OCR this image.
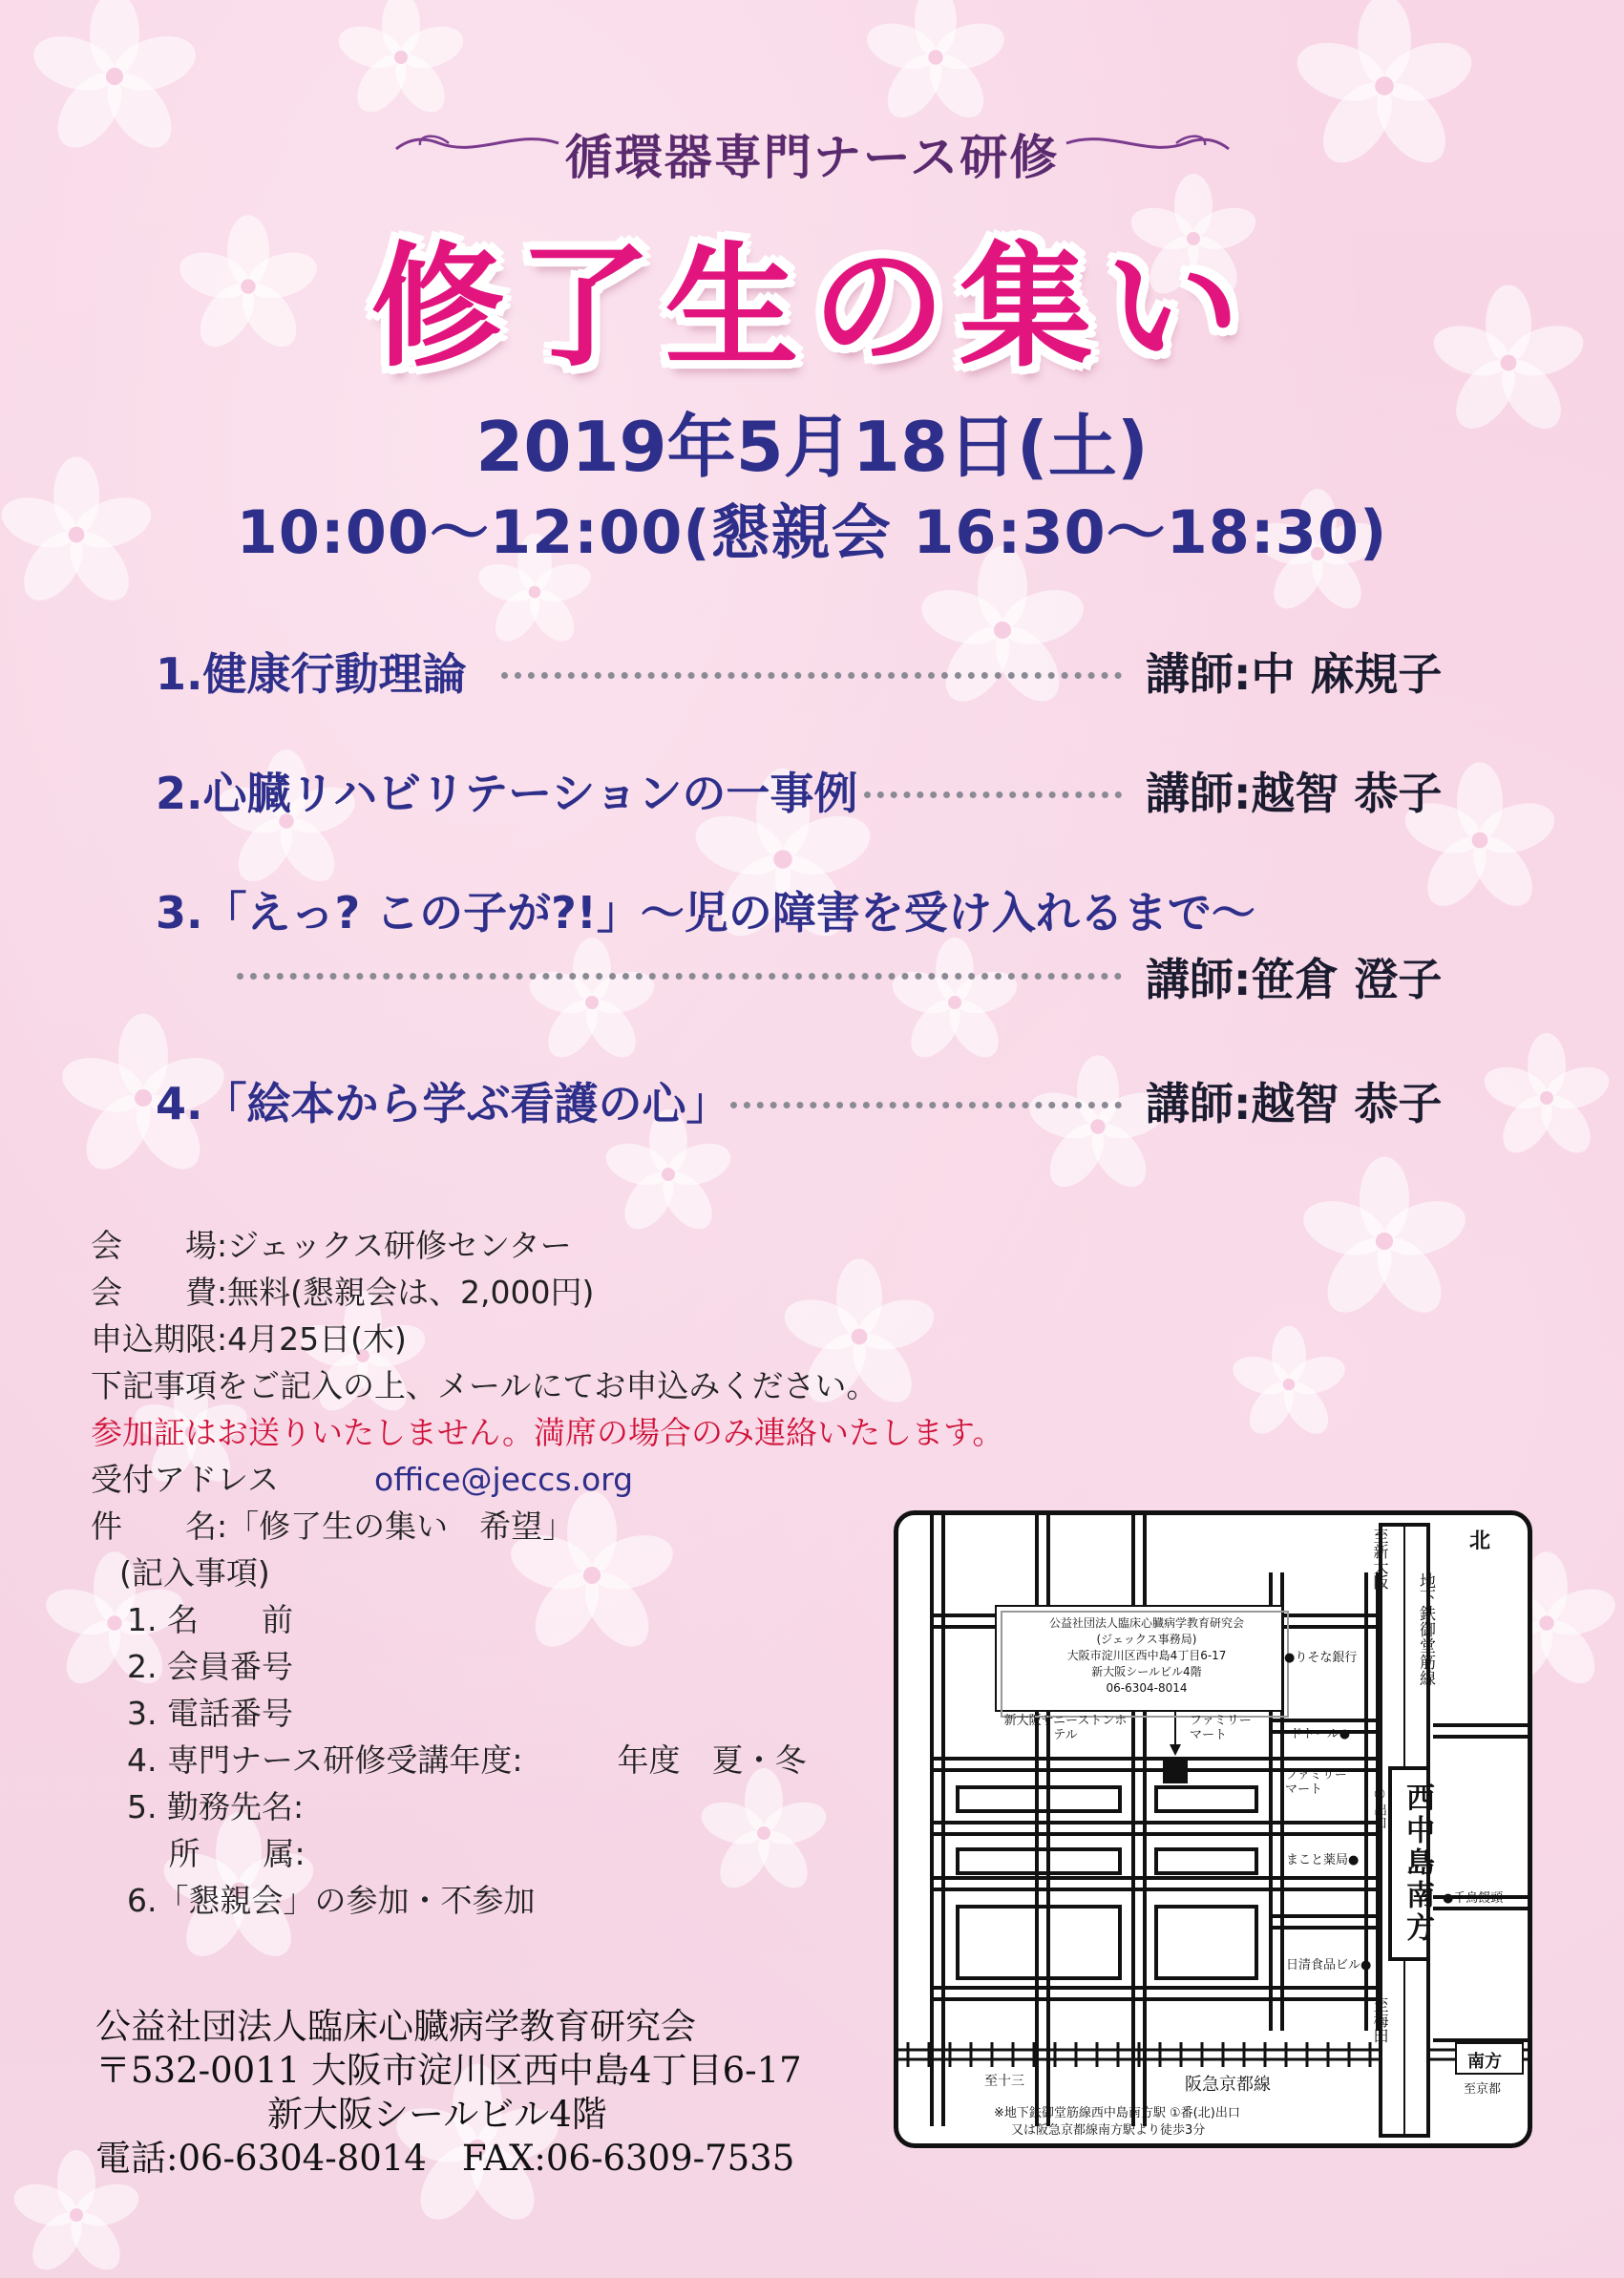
循環器専門ナース研修
修了生の集い
2019年5月18日(土)
10:00〜12:00(懇親会 16:30〜18:30)
1.健康行動理論	講師:中 麻規子
2.心臓リハビリテーションの一事例	講師:越智 恭子
3.「えっ? この子が?!」〜児の障害を受け入れるまで〜
講師:笹倉 澄子
4.「絵本から学ぶ看護の心」	講師:越智 恭子
会　　場:ジェックス研修センター
会　　費:無料(懇親会は、2,000円)
申込期限:4月25日(木)
下記事項をご記入の上、メールにてお申込みください。
参加証はお送りいたしません。満席の場合のみ連絡いたします。
受付アドレス	office@jeccs.org
件　　名:「修了生の集い　希望」
(記入事項)
1. 名　　前
2. 会員番号
3. 電話番号
4. 専門ナース研修受講年度:　　　年度　夏・冬
5. 勤務先名:
　 所　　属:
6.「懇親会」の参加・不参加
公益社団法人臨床心臓病学教育研究会
〒532-0011 大阪市淀川区西中島4丁目6-17
新大阪シールビル4階
電話:06-6304-8014　FAX:06-6309-7535
公益社団法人臨床心臓病学教育研究会
(ジェックス事務局)
大阪市淀川区西中島4丁目6-17
新大阪シールビル4階
06-6304-8014
北
至新大阪
地下鉄御堂筋線
至梅田
西中島南方
①出口
阪急京都線
至十三
南方
至京都
●りそな銀行
ドトール●
ファミリーマート
ファミリーマート
まこと薬局●
日清食品ビル●
新大阪サニーストンホテル
●千鳥饅頭
※地下鉄御堂筋線西中島南方駅 ①番(北)出口
又は阪急京都線南方駅より徒歩3分
